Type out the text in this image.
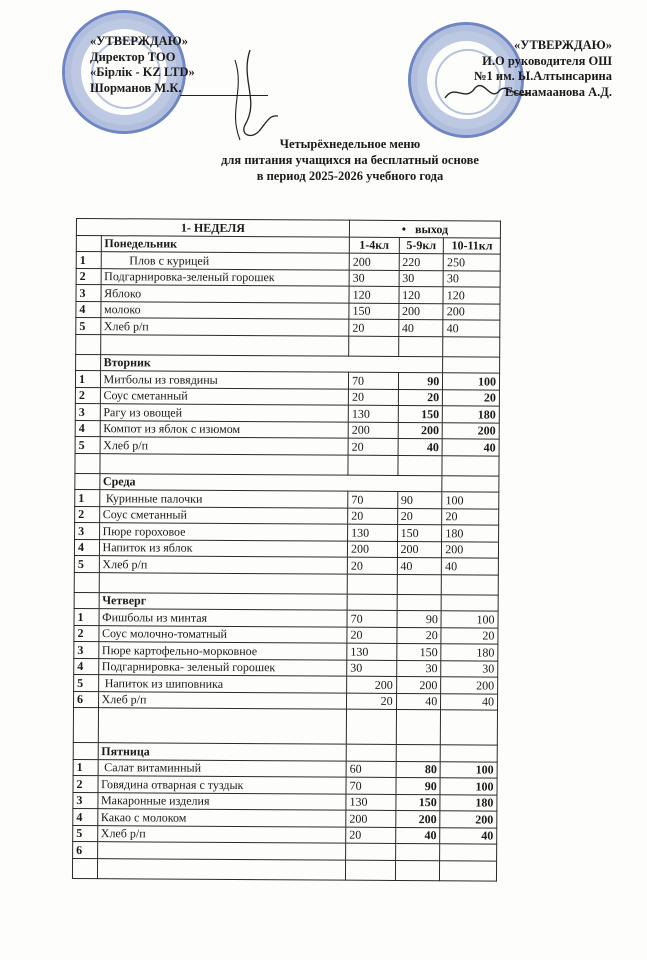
«УТВЕРЖДАЮ»
Директор ТОО
«Бірлік - KZ LTD»
Шорманов М.К.
«УТВЕРЖДАЮ»
И.О руководителя ОШ
№1 им. Ы.Алтынсарина
Есенамаанова А.Д.
Четырёхнедельное меню
для питания учащихся на бесплатный основе
в период 2025-2026 учебного года
1- НЕДЕЛЯ		• выход		
	Понедельник	1-4кл	5-9кл	10-11кл
1	Плов с курицей	200	220	250
2	Подгарнировка-зеленый горошек	30	30	30
3	Яблоко	120	120	120
4	молоко	150	200	200
5	Хлеб р/п	20	40	40

	Вторник			
1	Митболы из говядины	70	90	100
2	Соус сметанный	20	20	20
3	Рагу из овощей	130	150	180
4	Компот из яблок с изюмом	200	200	200
5	Хлеб р/п	20	40	40

	Среда			
1	Куринные палочки	70	90	100
2	Соус сметанный	20	20	20
3	Пюре гороховое	130	150	180
4	Напиток из яблок	200	200	200
5	Хлеб р/п	20	40	40

	Четверг			
1	Фишболы из минтая	70	90	100
2	Соус молочно-томатный	20	20	20
3	Пюре картофельно-морковное	130	150	180
4	Подгарнировка- зеленый горошек	30	30	30
5	Напиток из шиповника	200	200	200
6	Хлеб р/п	20	40	40

	Пятница			
1	Салат витаминный	60	80	100
2	Говядина отварная с туздык	70	90	100
3	Макаронные изделия	130	150	180
4	Какао с молоком	200	200	200
5	Хлеб р/п	20	40	40
6				
